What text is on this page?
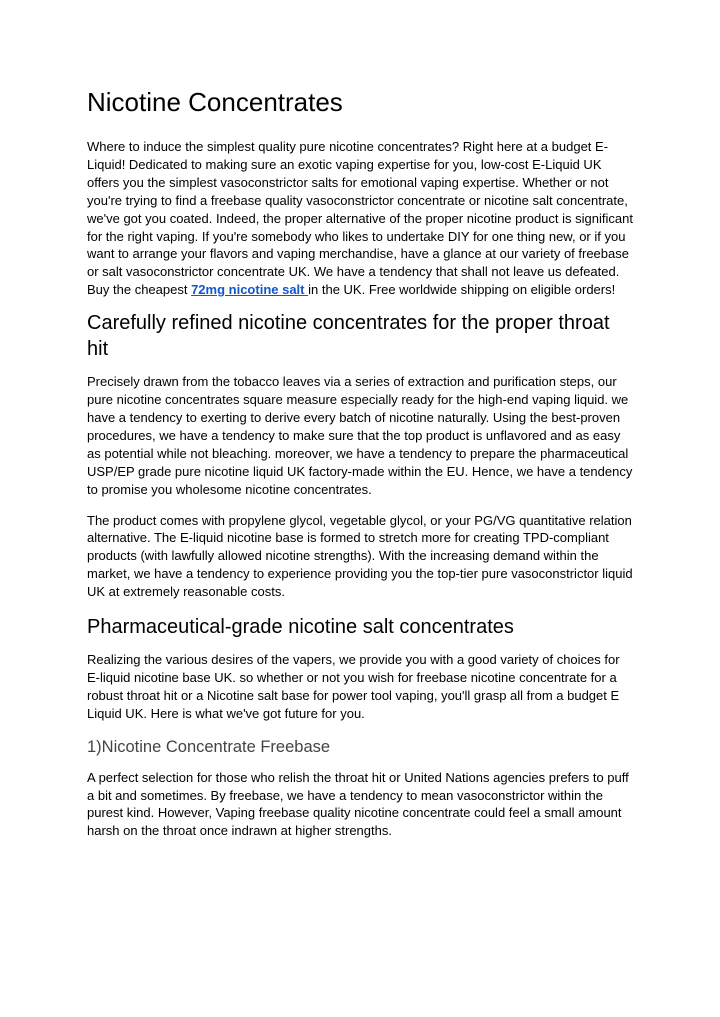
Nicotine Concentrates

Where to induce the simplest quality pure nicotine concentrates? Right here at a budget E-Liquid! Dedicated to making sure an exotic vaping expertise for you, low-cost E-Liquid UK offers you the simplest vasoconstrictor salts for emotional vaping expertise. Whether or not you're trying to find a freebase quality vasoconstrictor concentrate or nicotine salt concentrate, we've got you coated. Indeed, the proper alternative of the proper nicotine product is significant for the right vaping. If you're somebody who likes to undertake DIY for one thing new, or if you want to arrange your flavors and vaping merchandise, have a glance at our variety of freebase or salt vasoconstrictor concentrate UK. We have a tendency that shall not leave us defeated. Buy the cheapest 72mg nicotine salt in the UK. Free worldwide shipping on eligible orders!

Carefully refined nicotine concentrates for the proper throat hit

Precisely drawn from the tobacco leaves via a series of extraction and purification steps, our pure nicotine concentrates square measure especially ready for the high-end vaping liquid. we have a tendency to exerting to derive every batch of nicotine naturally. Using the best-proven procedures, we have a tendency to make sure that the top product is unflavored and as easy as potential while not bleaching. moreover, we have a tendency to prepare the pharmaceutical USP/EP grade pure nicotine liquid UK factory-made within the EU. Hence, we have a tendency to promise you wholesome nicotine concentrates.

The product comes with propylene glycol, vegetable glycol, or your PG/VG quantitative relation alternative. The E-liquid nicotine base is formed to stretch more for creating TPD-compliant products (with lawfully allowed nicotine strengths). With the increasing demand within the market, we have a tendency to experience providing you the top-tier pure vasoconstrictor liquid UK at extremely reasonable costs.

Pharmaceutical-grade nicotine salt concentrates

Realizing the various desires of the vapers, we provide you with a good variety of choices for E-liquid nicotine base UK. so whether or not you wish for freebase nicotine concentrate for a robust throat hit or a Nicotine salt base for power tool vaping, you'll grasp all from a budget E Liquid UK. Here is what we've got future for you.

1)Nicotine Concentrate Freebase

A perfect selection for those who relish the throat hit or United Nations agencies prefers to puff a bit and sometimes. By freebase, we have a tendency to mean vasoconstrictor within the purest kind. However, Vaping freebase quality nicotine concentrate could feel a small amount harsh on the throat once indrawn at higher strengths.
